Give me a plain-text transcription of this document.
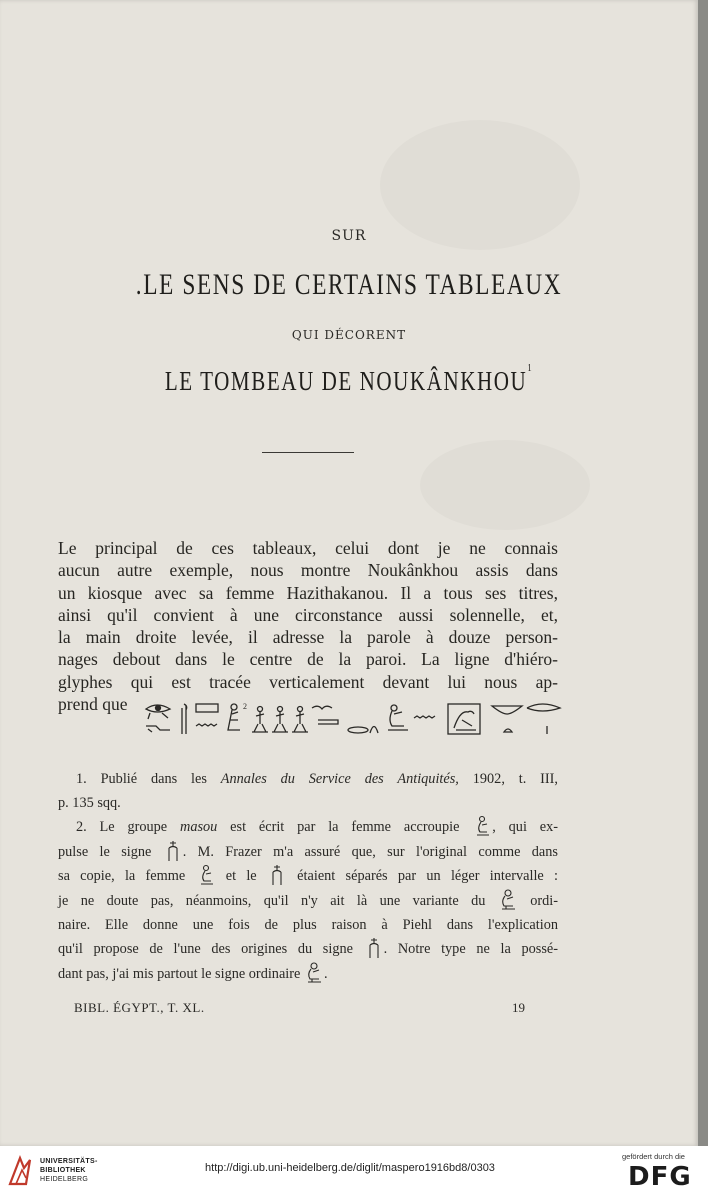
SUR
.LE SENS DE CERTAINS TABLEAUX
QUI DÉCORENT
LE TOMBEAU DE NOUKÂNKHOU$^1$
Le principal de ces tableaux, celui dont je ne connais
aucun autre exemple, nous montre Noukânkhou assis dans
un kiosque avec sa femme Hazithakanou. Il a tous ses titres,
ainsi qu'il convient à une circonstance aussi solennelle, et,
la main droite levée, il adresse la parole à douze person-
nages debout dans le centre de la paroi. La ligne d'hiéro-
glyphes qui est tracée verticalement devant lui nous ap-
prend que	2
1. Publié dans les Annales du Service des Antiquités, 1902, t. III,
p. 135 sqq.
2. Le groupe masou est écrit par la femme accroupie , qui ex-
pulse le signe . M. Frazer m'a assuré que, sur l'original comme dans
sa copie, la femme  et le  étaient séparés par un léger intervalle :
je ne doute pas, néanmoins, qu'il n'y ait là une variante du  ordi-
naire. Elle donne une fois de plus raison à Piehl dans l'explication
qu'il propose de l'une des origines du signe . Notre type ne la possé-
dant pas, j'ai mis partout le signe ordinaire .
BIBL. ÉGYPT., T. XL.	19
UNIVERSITÄTS-
BIBLIOTHEK
HEIDELBERG
http://digi.ub.uni-heidelberg.de/diglit/maspero1916bd8/0303
gefördert durch die
DFG
